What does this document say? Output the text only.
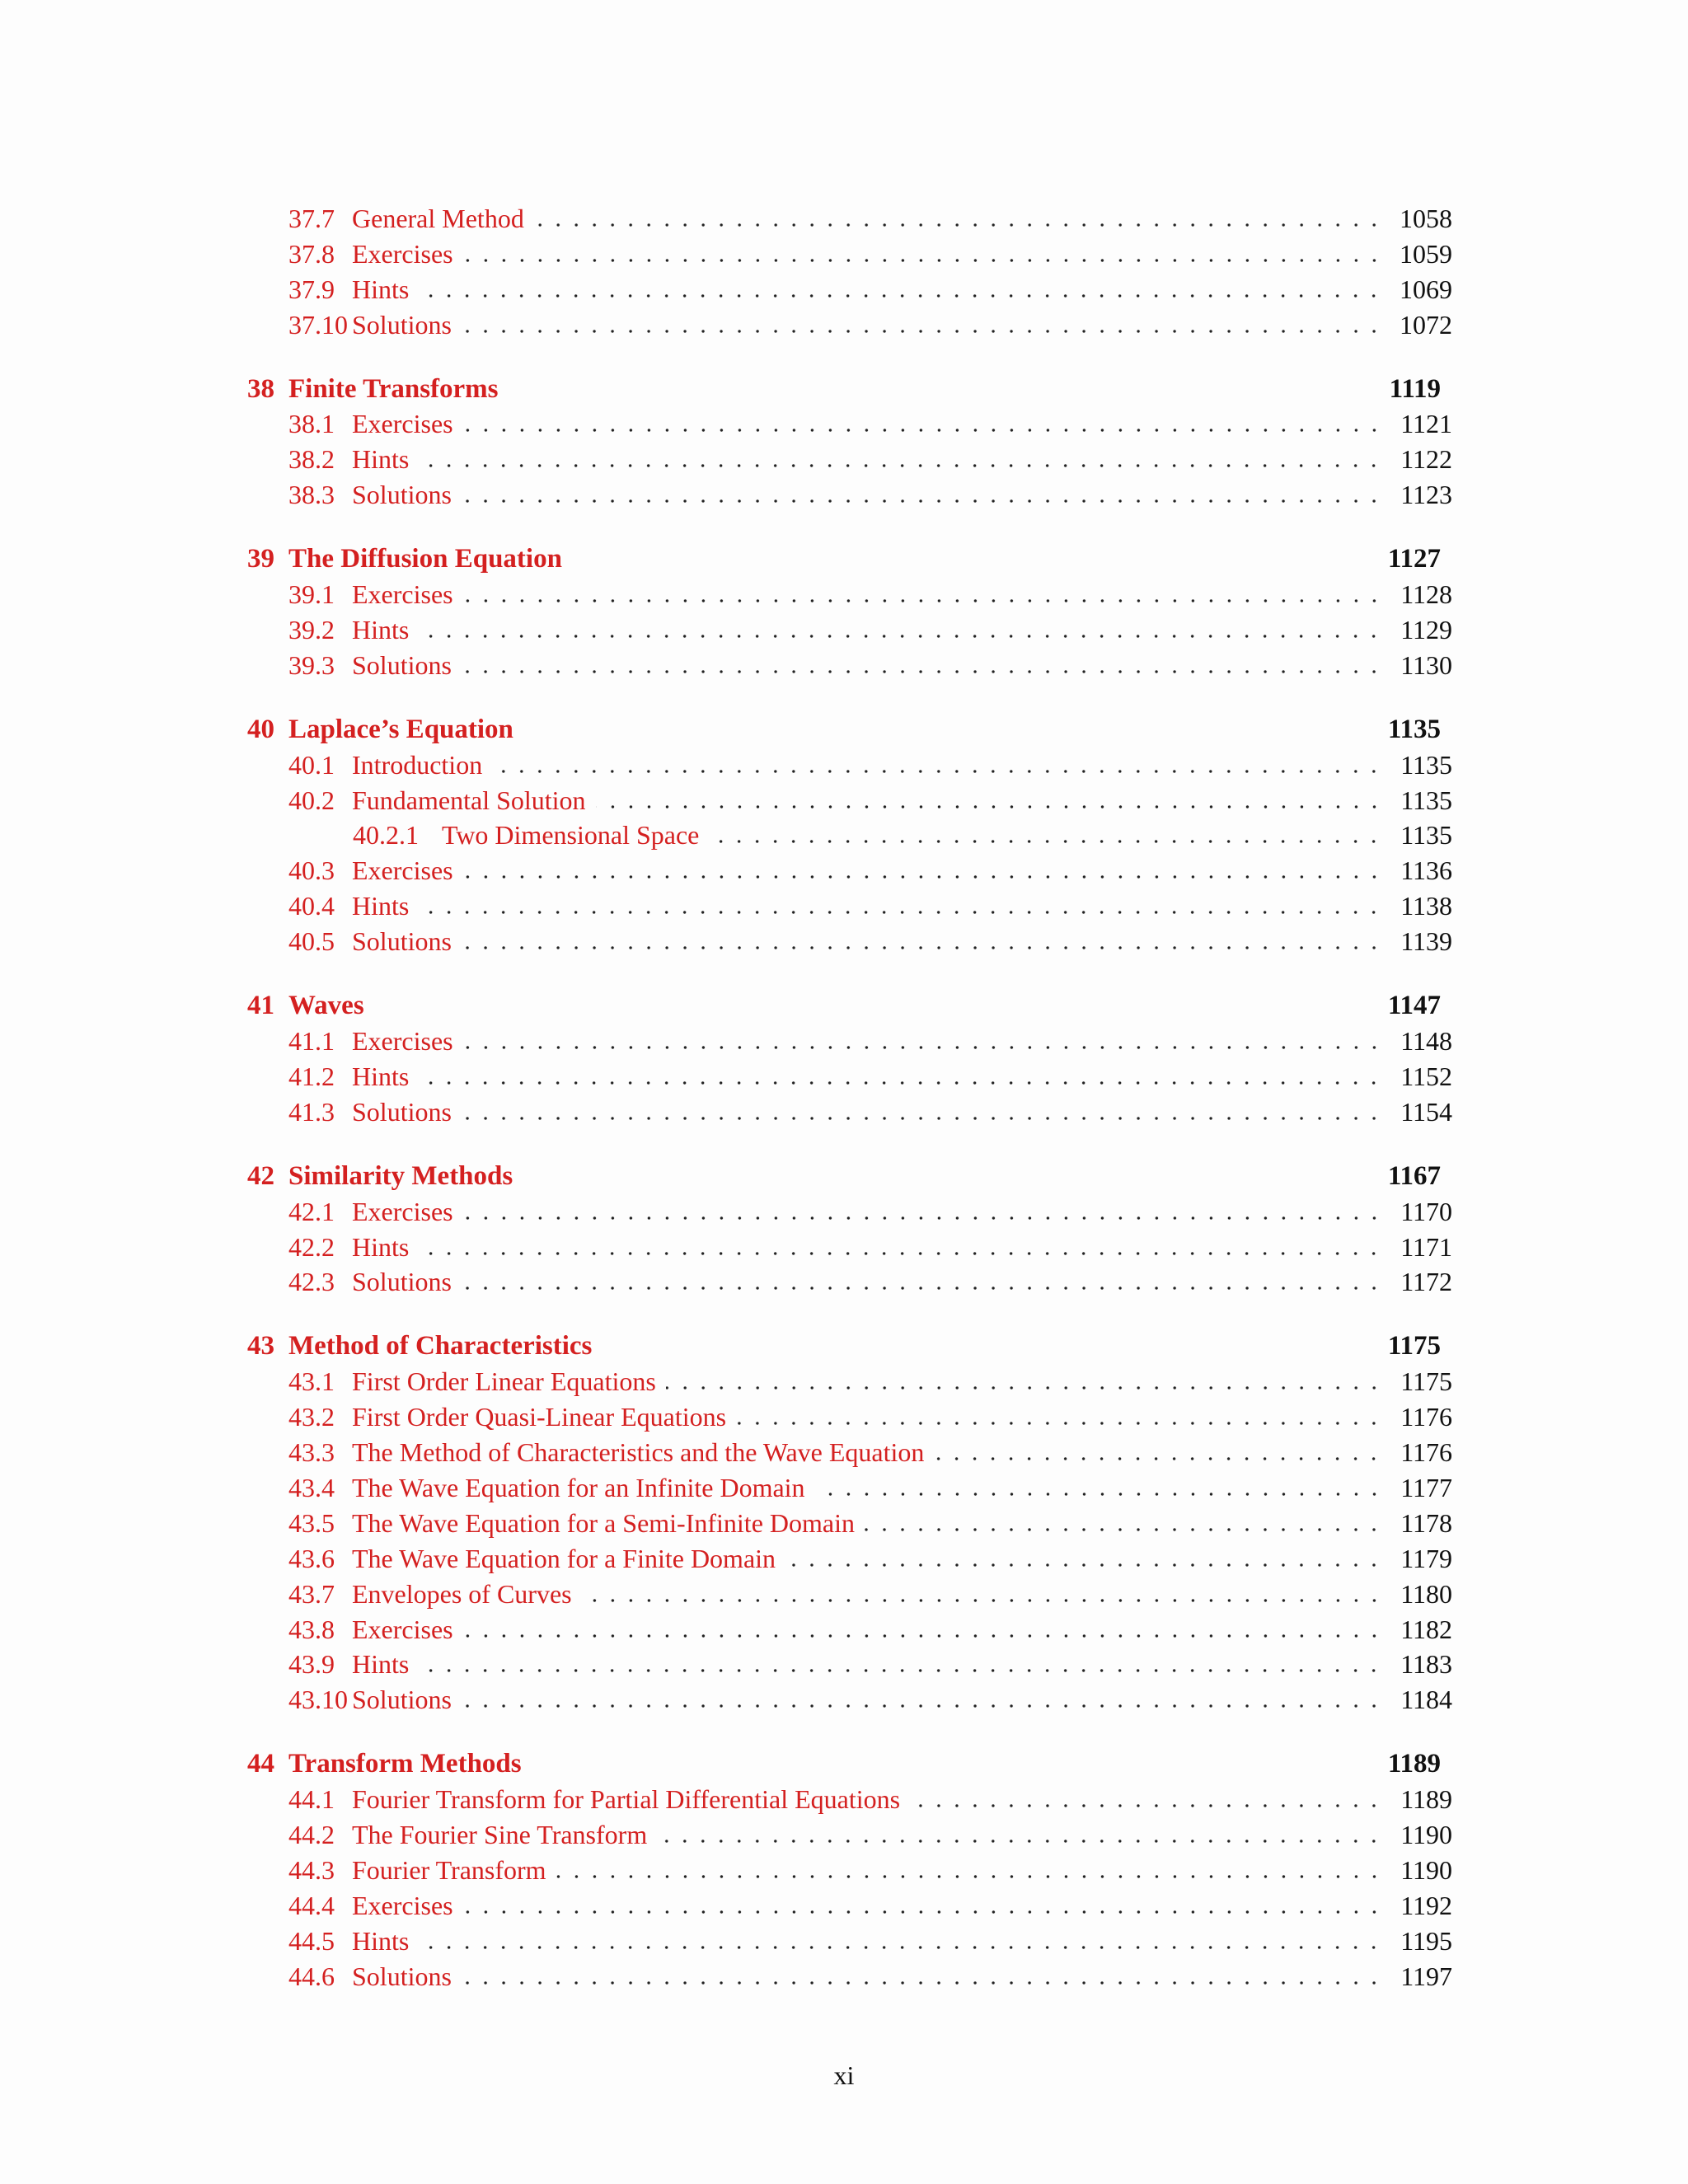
37.7 General Method	1058
37.8 Exercises	1059
37.9 Hints	1069
37.10 Solutions	1072
38 Finite Transforms	1119
38.1 Exercises	1121
38.2 Hints	1122
38.3 Solutions	1123
39 The Diffusion Equation	1127
39.1 Exercises	1128
39.2 Hints	1129
39.3 Solutions	1130
40 Laplace’s Equation	1135
40.1 Introduction	1135
40.2 Fundamental Solution	1135
40.2.1 Two Dimensional Space	1135
40.3 Exercises	1136
40.4 Hints	1138
40.5 Solutions	1139
41 Waves	1147
41.1 Exercises	1148
41.2 Hints	1152
41.3 Solutions	1154
42 Similarity Methods	1167
42.1 Exercises	1170
42.2 Hints	1171
42.3 Solutions	1172
43 Method of Characteristics	1175
43.1 First Order Linear Equations	1175
43.2 First Order Quasi-Linear Equations	1176
43.3 The Method of Characteristics and the Wave Equation	1176
43.4 The Wave Equation for an Infinite Domain	1177
43.5 The Wave Equation for a Semi-Infinite Domain	1178
43.6 The Wave Equation for a Finite Domain	1179
43.7 Envelopes of Curves	1180
43.8 Exercises	1182
43.9 Hints	1183
43.10 Solutions	1184
44 Transform Methods	1189
44.1 Fourier Transform for Partial Differential Equations	1189
44.2 The Fourier Sine Transform	1190
44.3 Fourier Transform	1190
44.4 Exercises	1192
44.5 Hints	1195
44.6 Solutions	1197
xi
